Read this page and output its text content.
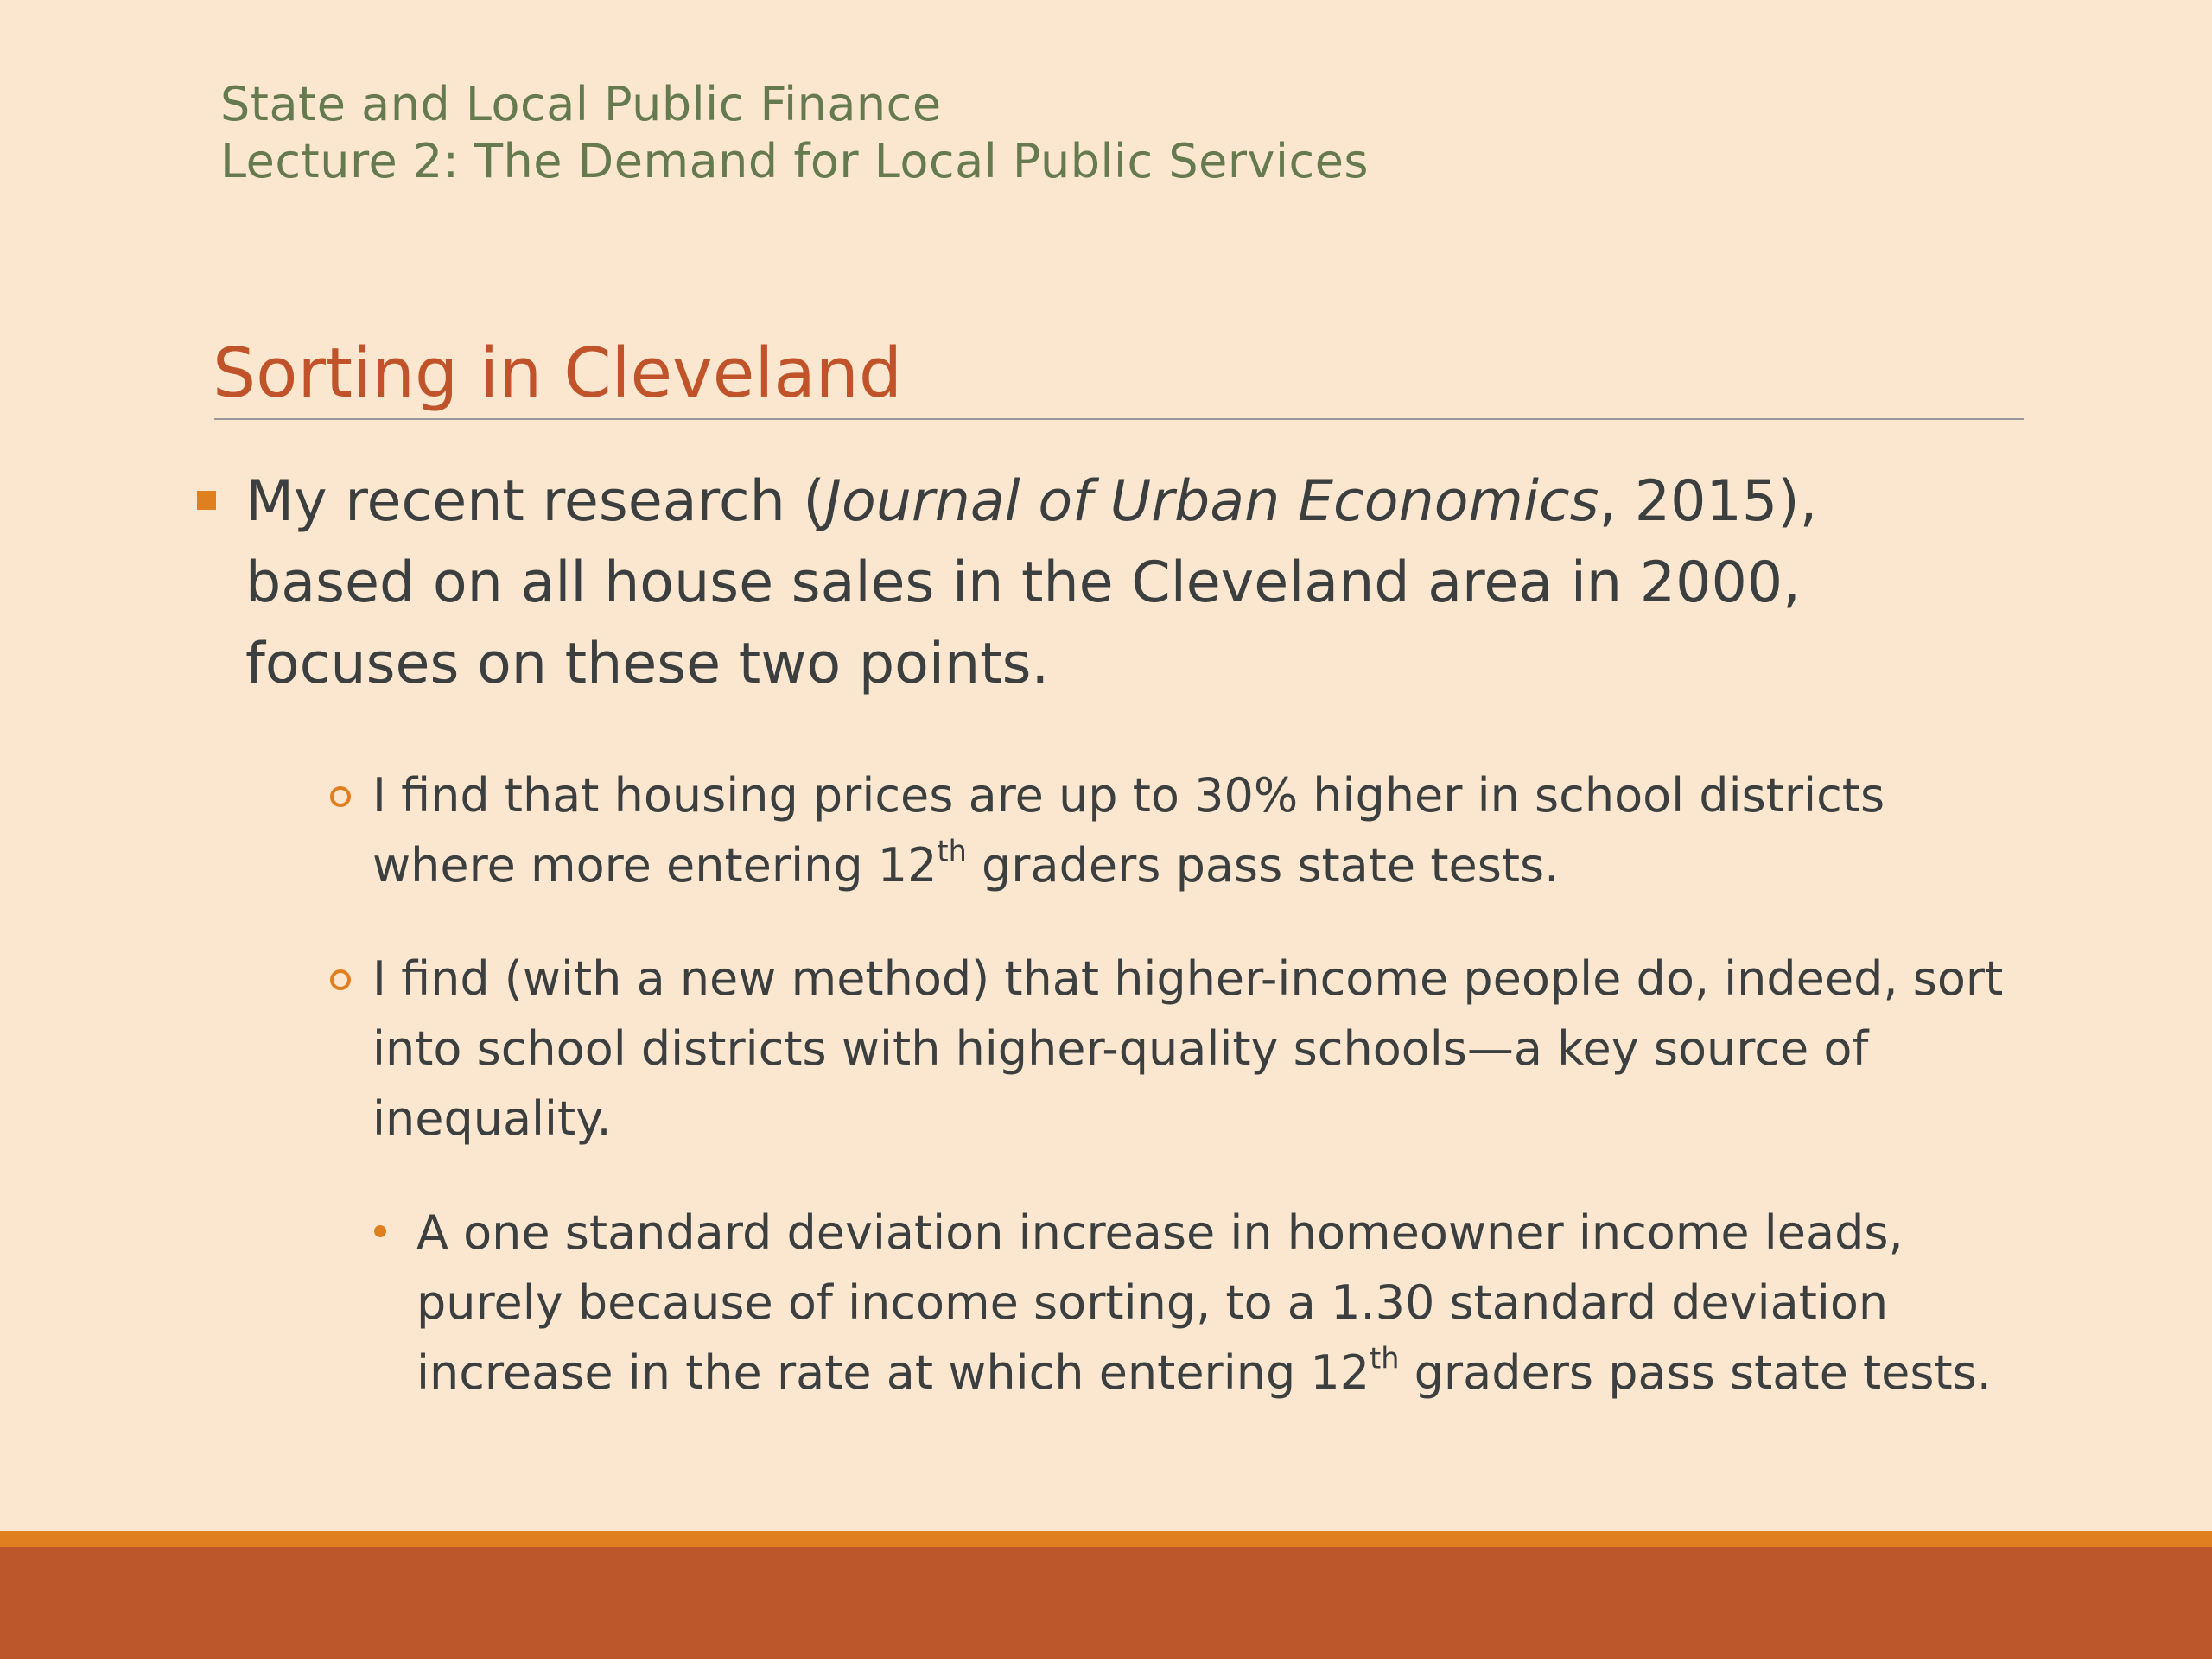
State and Local Public Finance
Lecture 2: The Demand for Local Public Services
Sorting in Cleveland
My recent research (Journal of Urban Economics, 2015), based on all house sales in the Cleveland area in 2000, focuses on these two points.
I find that housing prices are up to 30% higher in school districts where more entering 12th graders pass state tests.
I find (with a new method) that higher-income people do, indeed, sort into school districts with higher-quality schools—a key source of inequality.
A one standard deviation increase in homeowner income leads, purely because of income sorting, to a 1.30 standard deviation increase in the rate at which entering 12th graders pass state tests.
